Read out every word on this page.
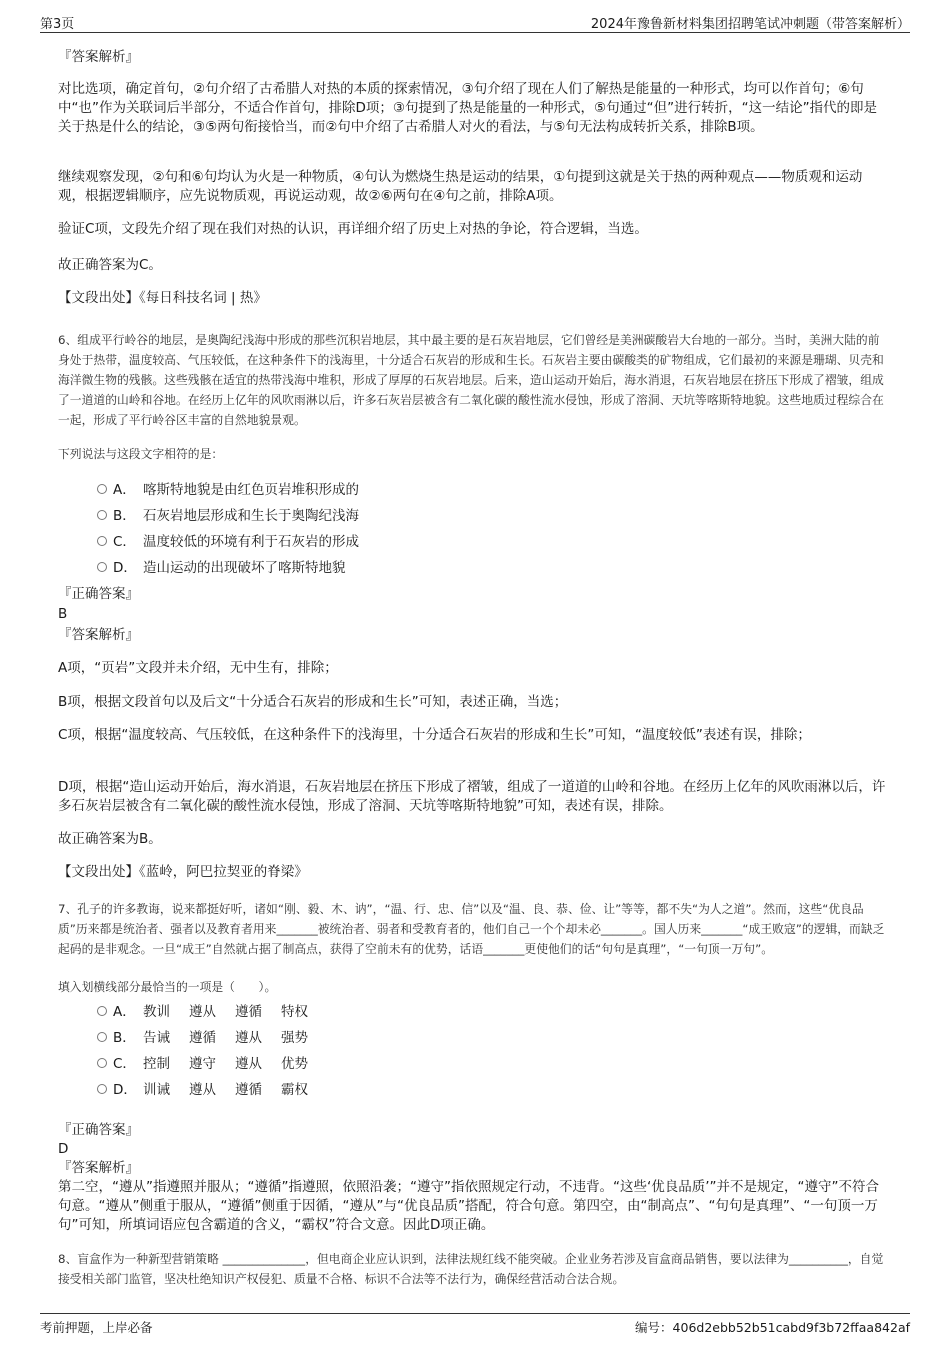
第3页	2024年豫鲁新材料集团招聘笔试冲刺题（带答案解析）
『答案解析』
对比选项，确定首句，②句介绍了古希腊人对热的本质的探索情况，③句介绍了现在人们了解热是能量的一种形式，均可以作首句；⑥句中“也”作为关联词后半部分，不适合作首句，排除D项；③句提到了热是能量的一种形式，⑤句通过“但”进行转折，“这一结论”指代的即是关于热是什么的结论，③⑤两句衔接恰当，而②句中介绍了古希腊人对火的看法，与⑤句无法构成转折关系，排除B项。
继续观察发现，②句和⑥句均认为火是一种物质，④句认为燃烧生热是运动的结果，①句提到这就是关于热的两种观点——物质观和运动观，根据逻辑顺序，应先说物质观，再说运动观，故②⑥两句在④句之前，排除A项。
验证C项，文段先介绍了现在我们对热的认识，再详细介绍了历史上对热的争论，符合逻辑，当选。
故正确答案为C。
【文段出处】《每日科技名词 | 热》
6、组成平行岭谷的地层，是奥陶纪浅海中形成的那些沉积岩地层，其中最主要的是石灰岩地层，它们曾经是美洲碳酸岩大台地的一部分。当时，美洲大陆的前身处于热带，温度较高、气压较低，在这种条件下的浅海里，十分适合石灰岩的形成和生长。石灰岩主要由碳酸类的矿物组成，它们最初的来源是珊瑚、贝壳和海洋微生物的残骸。这些残骸在适宜的热带浅海中堆积，形成了厚厚的石灰岩地层。后来，造山运动开始后，海水消退，石灰岩地层在挤压下形成了褶皱，组成了一道道的山岭和谷地。在经历上亿年的风吹雨淋以后，许多石灰岩层被含有二氧化碳的酸性流水侵蚀，形成了溶洞、天坑等喀斯特地貌。这些地质过程综合在一起，形成了平行岭谷区丰富的自然地貌景观。
下列说法与这段文字相符的是：
A． 喀斯特地貌是由红色页岩堆积形成的
B． 石灰岩地层形成和生长于奥陶纪浅海
C． 温度较低的环境有利于石灰岩的形成
D． 造山运动的出现破坏了喀斯特地貌
『正确答案』
B
『答案解析』
A项，“页岩”文段并未介绍，无中生有，排除；
B项，根据文段首句以及后文“十分适合石灰岩的形成和生长”可知，表述正确，当选；
C项，根据“温度较高、气压较低，在这种条件下的浅海里，十分适合石灰岩的形成和生长”可知，“温度较低”表述有误，排除；
D项，根据“造山运动开始后，海水消退，石灰岩地层在挤压下形成了褶皱，组成了一道道的山岭和谷地。在经历上亿年的风吹雨淋以后，许多石灰岩层被含有二氧化碳的酸性流水侵蚀，形成了溶洞、天坑等喀斯特地貌”可知，表述有误，排除。
故正确答案为B。
【文段出处】《蓝岭，阿巴拉契亚的脊梁》
7、孔子的许多教诲，说来都挺好听，诸如“刚、毅、木、讷”，“温、行、忠、信”以及“温、良、恭、俭、让”等等，都不失“为人之道”。然而，这些“优良品质”历来都是统治者、强者以及教育者用来_______被统治者、弱者和受教育者的，他们自己一个个却未必_______。国人历来_______“成王败寇”的逻辑，而缺乏起码的是非观念。一旦“成王”自然就占据了制高点，获得了空前未有的优势，话语_______更使他们的话“句句是真理”，“一句顶一万句”。
填入划横线部分最恰当的一项是（　　）。
A． 教训 遵从 遵循 特权
B． 告诫 遵循 遵从 强势
C． 控制 遵守 遵从 优势
D． 训诫 遵从 遵循 霸权
『正确答案』
D
『答案解析』
第二空，“遵从”指遵照并服从；“遵循”指遵照，依照沿袭；“遵守”指依照规定行动，不违背。“这些‘优良品质’”并不是规定，“遵守”不符合句意。“遵从”侧重于服从，“遵循”侧重于因循，“遵从”与“优良品质”搭配，符合句意。第四空，由“制高点”、“句句是真理”、“一句顶一万句”可知，所填词语应包含霸道的含义，“霸权”符合文意。因此D项正确。
8、盲盒作为一种新型营销策略 ______________，但电商企业应认识到，法律法规红线不能突破。企业业务若涉及盲盒商品销售，要以法律为__________，自觉接受相关部门监管，坚决杜绝知识产权侵犯、质量不合格、标识不合法等不法行为，确保经营活动合法合规。
考前押题，上岸必备	编号：406d2ebb52b51cabd9f3b72ffaa842af
